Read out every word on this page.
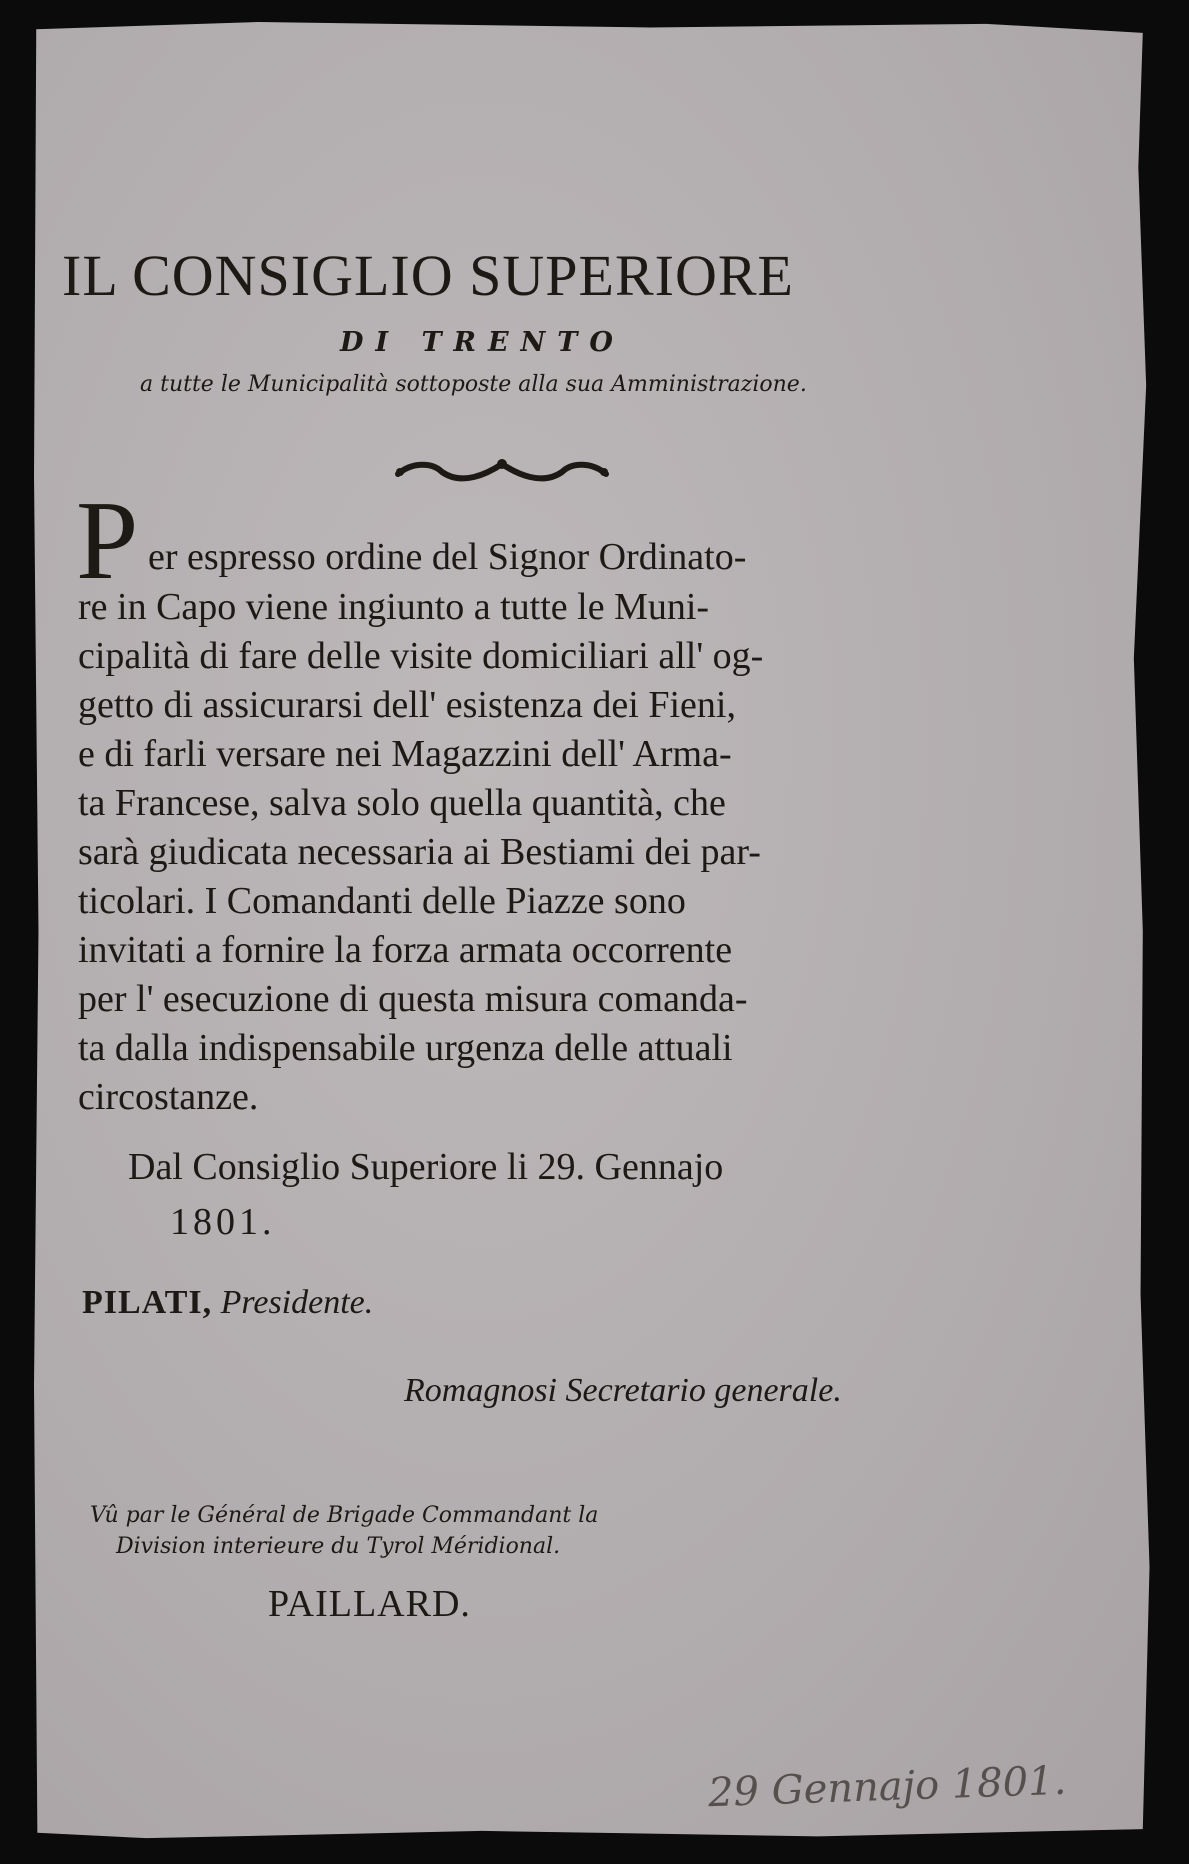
IL CONSIGLIO SUPERIORE
DI TRENTO
a tutte le Municipalità sottoposte alla sua Amministrazione.
P er espresso ordine del Signor Ordinato-
re in Capo viene ingiunto a tutte le Muni-
cipalità di fare delle visite domiciliari all' og-
getto di assicurarsi dell' esistenza dei Fieni,
e di farli versare nei Magazzini dell' Arma-
ta Francese, salva solo quella quantità, che
sarà giudicata necessaria ai Bestiami dei par-
ticolari. I Comandanti delle Piazze sono
invitati a fornire la forza armata occorrente
per l' esecuzione di questa misura comanda-
ta dalla indispensabile urgenza delle attuali
circostanze.
Dal Consiglio Superiore li 29. Gennajo
1801.
PILATI, Presidente.
Romagnosi Secretario generale.
Vû par le Général de Brigade Commandant la
Division interieure du Tyrol Méridional.
PAILLARD.
29 Gennajo 1801.
